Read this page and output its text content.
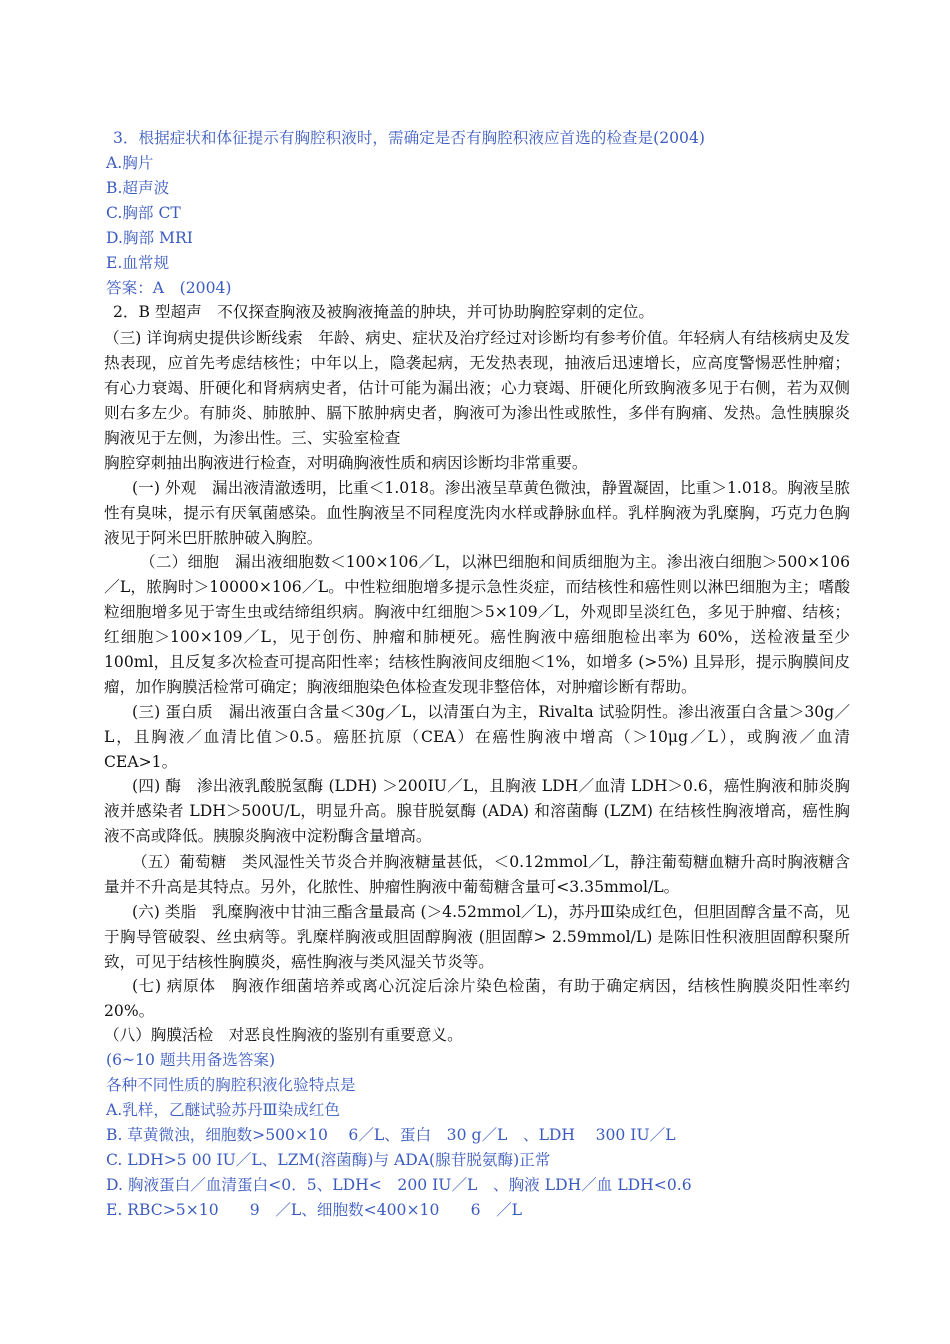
3．根据症状和体征提示有胸腔积液时，需确定是否有胸腔积液应首选的检查是(2004)
A.胸片
B.超声波
C.胸部 CT
D.胸部 MRI
E.血常规
答案：A　(2004)
2．B 型超声　不仅探查胸液及被胸液掩盖的肿块，并可协助胸腔穿刺的定位。

（三) 详询病史提供诊断线索　年龄、病史、症状及治疗经过对诊断均有参考价值。年轻病人有结核病史及发热表现，应首先考虑结核性；中年以上，隐袭起病，无发热表现，抽液后迅速增长，应高度警惕恶性肿瘤；有心力衰竭、肝硬化和肾病病史者，估计可能为漏出液；心力衰竭、肝硬化所致胸液多见于右侧，若为双侧则右多左少。有肺炎、肺脓肿、膈下脓肿病史者，胸液可为渗出性或脓性，多伴有胸痛、发热。急性胰腺炎胸液见于左侧，为渗出性。三、实验室检查

胸腔穿刺抽出胸液进行检查，对明确胸液性质和病因诊断均非常重要。

(一) 外观　漏出液清澈透明，比重＜1.018。渗出液呈草黄色微浊，静置凝固，比重＞1.018。胸液呈脓性有臭味，提示有厌氧菌感染。血性胸液呈不同程度洗肉水样或静脉血样。乳样胸液为乳糜胸，巧克力色胸液见于阿米巴肝脓肿破入胸腔。

（二）细胞　漏出液细胞数＜100×106／L，以淋巴细胞和间质细胞为主。渗出液白细胞＞500×106／L，脓胸时＞10000×106／L。中性粒细胞增多提示急性炎症，而结核性和癌性则以淋巴细胞为主；嗜酸粒细胞增多见于寄生虫或结缔组织病。胸液中红细胞＞5×109／L，外观即呈淡红色，多见于肿瘤、结核；红细胞＞100×109／L，见于创伤、肿瘤和肺梗死。癌性胸液中癌细胞检出率为 60%，送检液量至少 100ml，且反复多次检查可提高阳性率；结核性胸液间皮细胞＜1%，如增多 (>5%) 且异形，提示胸膜间皮瘤，加作胸膜活检常可确定；胸液细胞染色体检查发现非整倍体，对肿瘤诊断有帮助。

(三) 蛋白质　漏出液蛋白含量＜30g／L，以清蛋白为主，Rivalta 试验阴性。渗出液蛋白含量＞30g／L，且胸液／血清比值＞0.5。癌胚抗原（CEA）在癌性胸液中增高（＞10μg／L），或胸液／血清 CEA>1。

(四) 酶　渗出液乳酸脱氢酶 (LDH) ＞200IU／L，且胸液 LDH／血清 LDH＞0.6，癌性胸液和肺炎胸液并感染者 LDH＞500U/L，明显升高。腺苷脱氨酶 (ADA) 和溶菌酶 (LZM) 在结核性胸液增高，癌性胸液不高或降低。胰腺炎胸液中淀粉酶含量增高。

（五）葡萄糖　类风湿性关节炎合并胸液糖量甚低，＜0.12mmol／L，静注葡萄糖血糖升高时胸液糖含量并不升高是其特点。另外，化脓性、肿瘤性胸液中葡萄糖含量可<3.35mmol/L。

(六) 类脂　乳糜胸液中甘油三酯含量最高 (＞4.52mmol／L)，苏丹Ⅲ染成红色，但胆固醇含量不高，见于胸导管破裂、丝虫病等。乳糜样胸液或胆固醇胸液 (胆固醇> 2.59mmol/L) 是陈旧性积液胆固醇积聚所致，可见于结核性胸膜炎，癌性胸液与类风湿关节炎等。

(七) 病原体　胸液作细菌培养或离心沉淀后涂片染色检菌，有助于确定病因，结核性胸膜炎阳性率约 20%。

（八）胸膜活检　对恶良性胸液的鉴别有重要意义。
(6~10 题共用备选答案)
各种不同性质的胸腔积液化验特点是
A.乳样，乙醚试验苏丹Ⅲ染成红色
B. 草黄微浊，细胞数>500×10　 6／L、蛋白　30 g／L　、LDH　 300 IU／L
C. LDH>5 00 IU／L、LZM(溶菌酶)与 ADA(腺苷脱氨酶)正常
D. 胸液蛋白／血清蛋白<0．5、LDH<　200 IU／L　、胸液 LDH／血 LDH<0.6
E. RBC>5×10　　9　／L、细胞数<400×10　　6　／L
